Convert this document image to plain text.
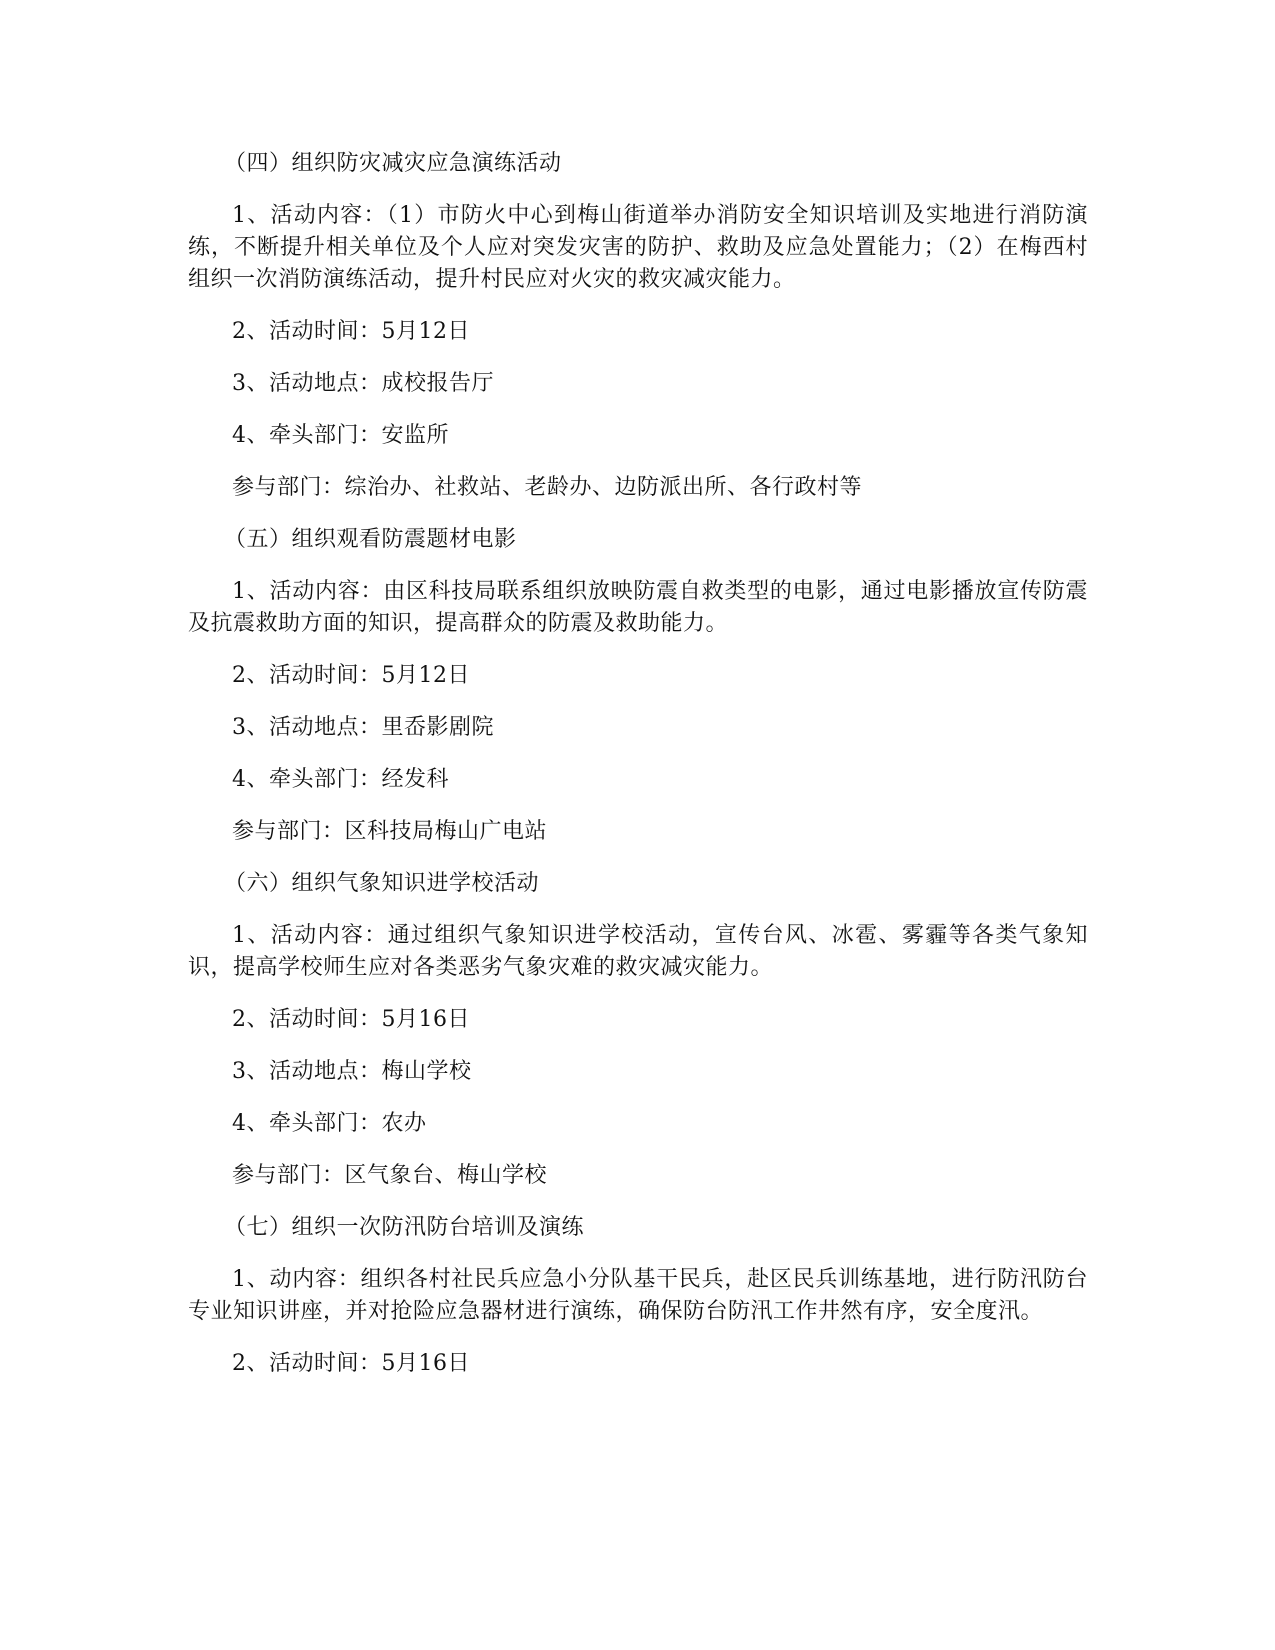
（四）组织防灾减灾应急演练活动

1、活动内容：（1）市防火中心到梅山街道举办消防安全知识培训及实地进行消防演练，不断提升相关单位及个人应对突发灾害的防护、救助及应急处置能力；（2）在梅西村组织一次消防演练活动，提升村民应对火灾的救灾减灾能力。

2、活动时间：5月12日

3、活动地点：成校报告厅

4、牵头部门：安监所

参与部门：综治办、社救站、老龄办、边防派出所、各行政村等

（五）组织观看防震题材电影

1、活动内容：由区科技局联系组织放映防震自救类型的电影，通过电影播放宣传防震及抗震救助方面的知识，提高群众的防震及救助能力。

2、活动时间：5月12日

3、活动地点：里岙影剧院

4、牵头部门：经发科

参与部门：区科技局梅山广电站

（六）组织气象知识进学校活动

1、活动内容：通过组织气象知识进学校活动，宣传台风、冰雹、雾霾等各类气象知识，提高学校师生应对各类恶劣气象灾难的救灾减灾能力。

2、活动时间：5月16日

3、活动地点：梅山学校

4、牵头部门：农办

参与部门：区气象台、梅山学校

（七）组织一次防汛防台培训及演练

1、动内容：组织各村社民兵应急小分队基干民兵，赴区民兵训练基地，进行防汛防台专业知识讲座，并对抢险应急器材进行演练，确保防台防汛工作井然有序，安全度汛。

2、活动时间：5月16日
